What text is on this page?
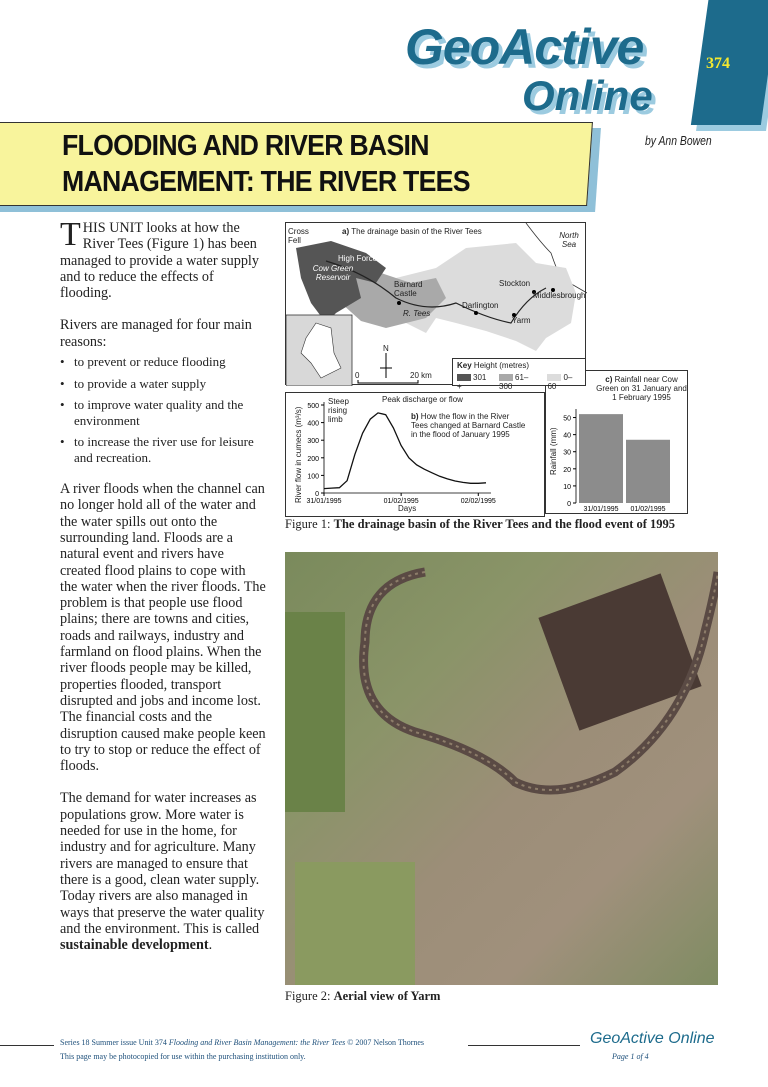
374
GeoActive
Online
FLOODING AND RIVER BASIN
MANAGEMENT: THE RIVER TEES
by Ann Bowen

THIS UNIT looks at how the River Tees (Figure 1) has been managed to provide a water supply and to reduce the effects of flooding.

Rivers are managed for four main reasons:

• to prevent or reduce flooding
• to provide a water supply
• to improve water quality and the environment
• to increase the river use for leisure and recreation.

A river floods when the channel can no longer hold all of the water and the water spills out onto the surrounding land. Floods are a natural event and rivers have created flood plains to cope with the water when the river floods. The problem is that people use flood plains; there are towns and cities, roads and railways, industry and farmland on flood plains. When the river floods people may be killed, properties flooded, transport disrupted and jobs and income lost. The financial costs and the disruption caused make people keen to try to stop or reduce the effect of floods.

The demand for water increases as populations grow. More water is needed for use in the home, for industry and for agriculture. Many rivers are managed to ensure that there is a good, clean water supply. Today rivers are also managed in ways that preserve the water quality and the environment. This is called sustainable development.

Cross Fell
a) The drainage basin of the River Tees	North Sea
High Force
Cow Green Reservoir
Barnard Castle
R. Tees
Darlington
Stockton
Middlesbrough
Yarm
N
0	20 km
0
100
200
300
400
500
31/01/1995	01/02/1995	02/02/1995
River flow in cumecs (m³/s)
Steep rising limb
Peak discharge or flow
b) How the flow in the River Tees changed at Barnard Castle in the flood of January 1995
Days	0
10
20
30
40
50
31/01/1995 01/02/1995
c) Rainfall near Cow Green on 31 January and 1 February 1995
Rainfall (mm)
Key Height (metres)
301 +
61–300
0–60
Figure 1: The drainage basin of the River Tees and the flood event of 1995
Figure 2: Aerial view of Yarm
Series 18 Summer issue Unit 374 Flooding and River Basin Management: the River Tees © 2007 Nelson Thornes
This page may be photocopied for use within the purchasing institution only.
GeoActive Online
Page 1 of 4
